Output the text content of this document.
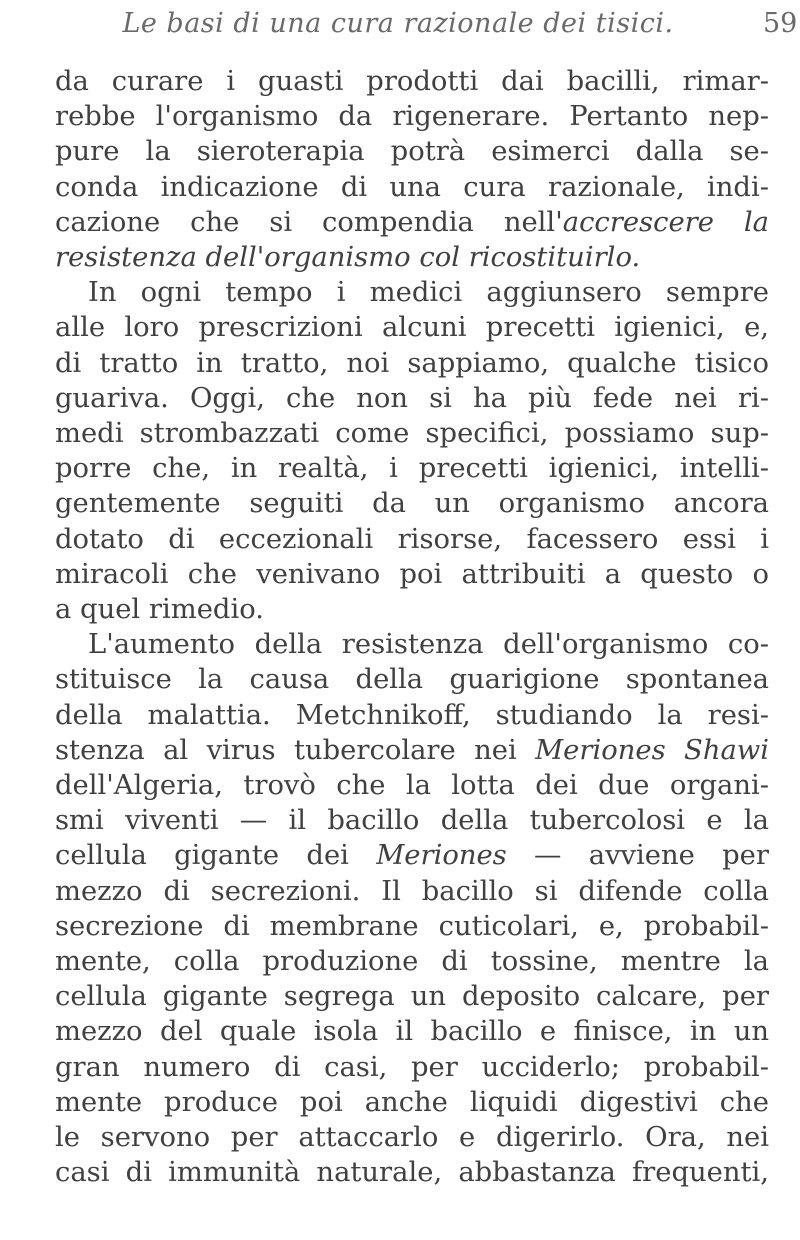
Le basi di una cura razionale dei tisici.	59
da curare i guasti prodotti dai bacilli, rimar-
rebbe l'organismo da rigenerare. Pertanto nep-
pure la sieroterapia potrà esimerci dalla se-
conda indicazione di una cura razionale, indi-
cazione che si compendia nell'accrescere la
resistenza dell'organismo col ricostituirlo.
In ogni tempo i medici aggiunsero sempre
alle loro prescrizioni alcuni precetti igienici, e,
di tratto in tratto, noi sappiamo, qualche tisico
guariva. Oggi, che non si ha più fede nei ri-
medi strombazzati come specifici, possiamo sup-
porre che, in realtà, i precetti igienici, intelli-
gentemente seguiti da un organismo ancora
dotato di eccezionali risorse, facessero essi i
miracoli che venivano poi attribuiti a questo o
a quel rimedio.
L'aumento della resistenza dell'organismo co-
stituisce la causa della guarigione spontanea
della malattia. Metchnikoff, studiando la resi-
stenza al virus tubercolare nei Meriones Shawi
dell'Algeria, trovò che la lotta dei due organi-
smi viventi — il bacillo della tubercolosi e la
cellula gigante dei Meriones — avviene per
mezzo di secrezioni. Il bacillo si difende colla
secrezione di membrane cuticolari, e, probabil-
mente, colla produzione di tossine, mentre la
cellula gigante segrega un deposito calcare, per
mezzo del quale isola il bacillo e finisce, in un
gran numero di casi, per ucciderlo; probabil-
mente produce poi anche liquidi digestivi che
le servono per attaccarlo e digerirlo. Ora, nei
casi di immunità naturale, abbastanza frequenti,
